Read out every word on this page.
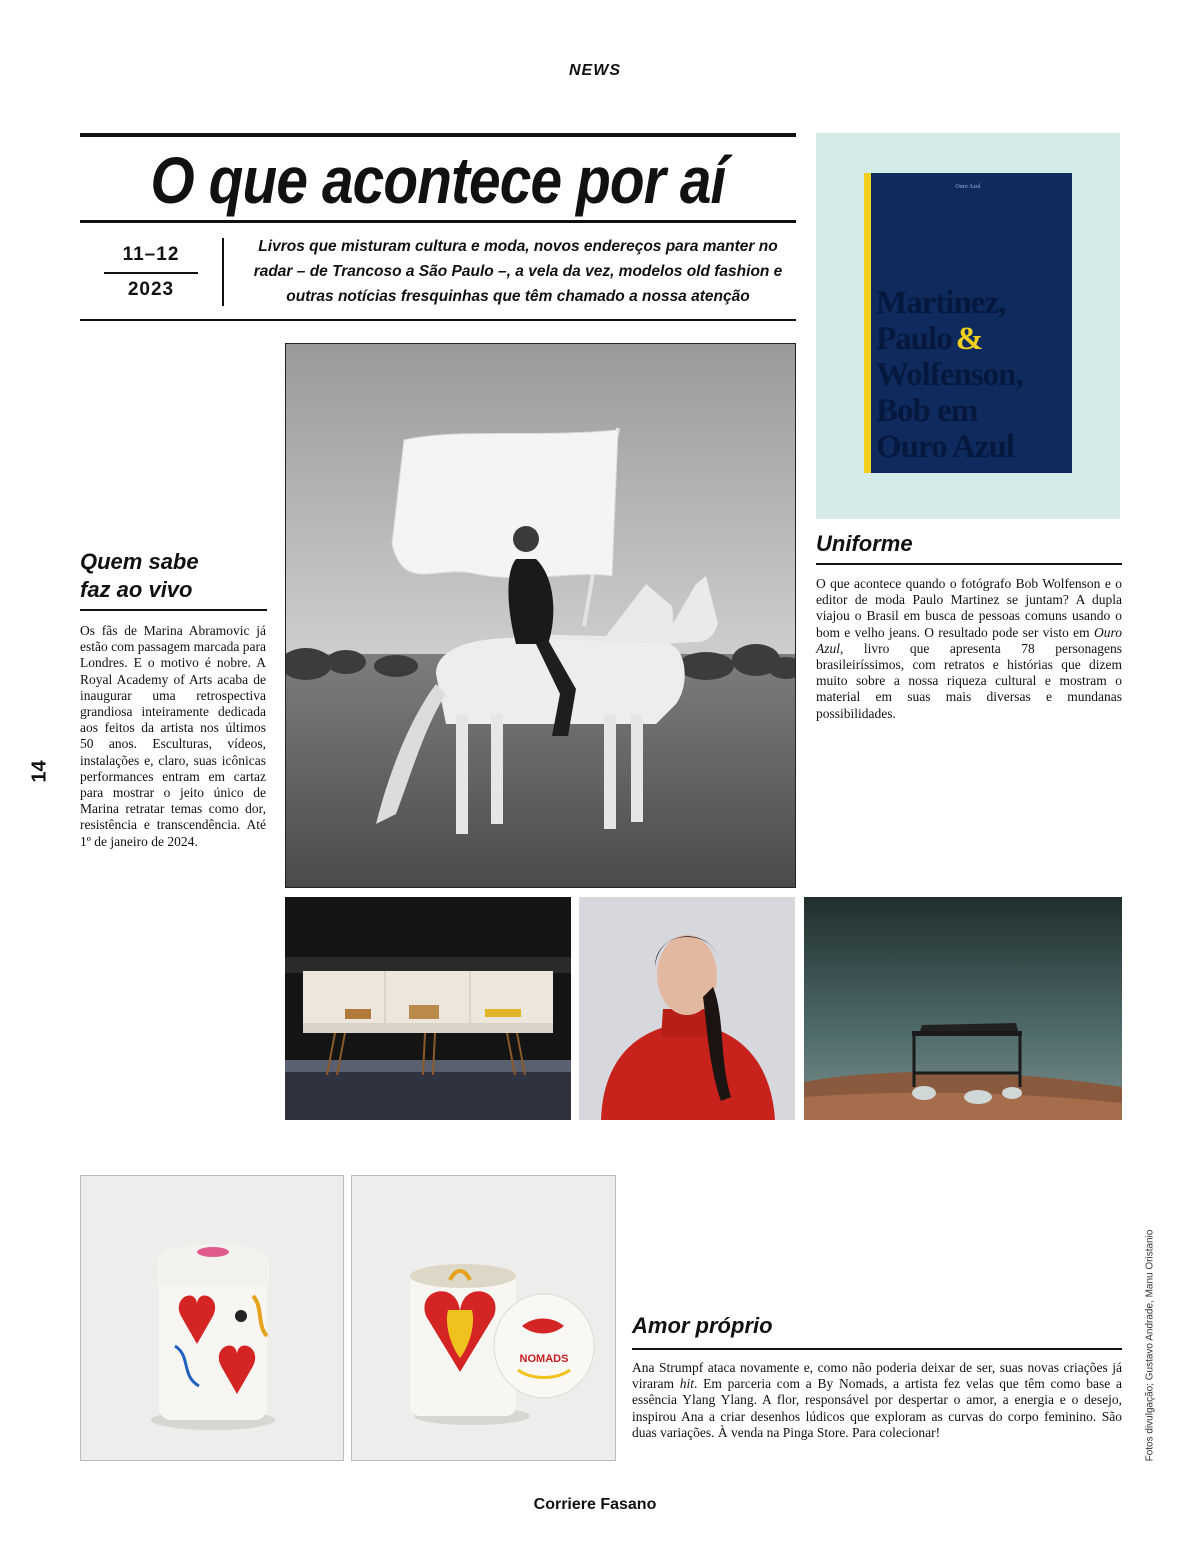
NEWS
O que acontece por aí
11–12
2023
Livros que misturam cultura e moda, novos endereços para manter no radar – de Trancoso a São Paulo –, a vela da vez, modelos old fashion e outras notícias fresquinhas que têm chamado a nossa atenção
Ouro Azul
Martinez,
Paulo &
Wolfenson,
Bob em
Ouro Azul
Quem sabe
faz ao vivo
Os fãs de Marina Abramovic já estão com passagem marcada para Londres. E o motivo é nobre. A Royal Academy of Arts acaba de inaugurar uma retrospectiva grandiosa inteiramente dedicada aos feitos da artista nos últimos 50 anos. Esculturas, vídeos, instalações e, claro, suas icônicas performances entram em cartaz para mostrar o jeito único de Marina retratar temas como dor, resistência e transcendência. Até 1º de janeiro de 2024.
Uniforme
O que acontece quando o fotógrafo Bob Wolfenson e o editor de moda Paulo Martinez se juntam? A dupla viajou o Brasil em busca de pessoas comuns usando o bom e velho jeans. O resultado pode ser visto em Ouro Azul, livro que apresenta 78 personagens brasileiríssimos, com retratos e histórias que dizem muito sobre a nossa riqueza cultural e mostram o material em suas mais diversas e mundanas possibilidades.
NOMADS
Amor próprio
Ana Strumpf ataca novamente e, como não poderia deixar de ser, suas novas criações já viraram hit. Em parceria com a By Nomads, a artista fez velas que têm como base a essência Ylang Ylang. A flor, responsável por despertar o amor, a energia e o desejo, inspirou Ana a criar desenhos lúdicos que exploram as curvas do corpo feminino. São duas variações. À venda na Pinga Store. Para colecionar!
14
Fotos divulgação; Gustavo Andrade, Manu Oristanio
Corriere Fasano
